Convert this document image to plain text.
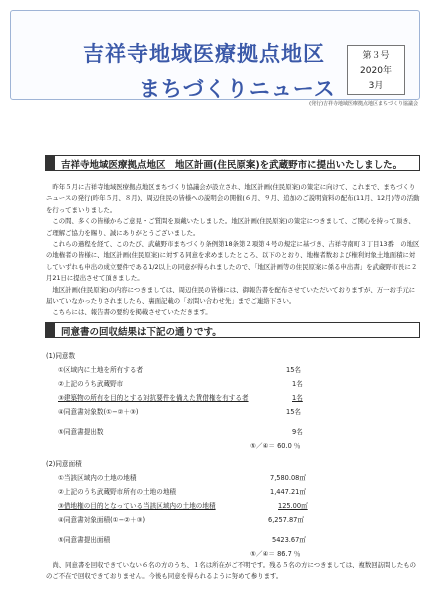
吉祥寺地域医療拠点地区
まちづくりニュース
第３号
2020年
3月
(発行)吉祥寺地域医療拠点地区まちづくり協議会
吉祥寺地域医療拠点地区　地区計画(住民原案)を武蔵野市に提出いたしました。

昨年５月に吉祥寺地域医療拠点地区まちづくり協議会が設立され、地区計画(住民原案)の策定に向けて、これまで、まちづくりニュースの発行(昨年５月、８月)、周辺住民の皆様への説明会の開催(６月、９月、追加のご説明資料の配布(11月、12月)等の活動を行ってまいりました。

この間、多くの皆様からご意見・ご質問を頂戴いたしました。地区計画(住民原案)の策定につきまして、ご関心を持って頂き、ご理解ご協力を賜り、誠にありがとうございました。

これらの過程を経て、このたび、武蔵野市まちづくり条例第18条第２項第４号の規定に基づき、吉祥寺南町３丁目13番　の地区の地権者の皆様に、地区計画(住民原案)に対する同意を求めましたところ、以下のとおり、地権者数および権利対象土地面積に対していずれも申出の成立要件である1/2以上の同意が得られましたので、「地区計画等の住民原案に係る申出書」を武蔵野市長に２月21日に提出させて頂きました。

地区計画(住民原案)の内容につきましては、周辺住民の皆様には、御報告書を配布させていただいておりますが、万一お手元に届いていなかったりされましたら、裏面記載の「お問い合わせ先」までご連絡下さい。

こちらには、報告書の要約を掲載させていただきます。

同意書の回収結果は下記の通りです。
(1)同意数
①区域内に土地を所有する者	15名
②上記のうち武蔵野市	1名
③建築物の所有を目的とする対抗要件を備えた賃借権を有する者	1名
④同意書対象数(①−②＋③)	15名
⑤同意書提出数	9名
⑤／④＝ 60.0 ％
(2)同意面積
①当該区域内の土地の地積	7,580.08㎡
②上記のうち武蔵野市所有の土地の地積	1,447.21㎡
③借地権の目的となっている当該区域内の土地の地積	125.00㎡
④同意書対象面積(①−②＋③)	6,257.87㎡
⑤同意書提出面積	5423.67㎡
⑤／④＝ 86.7 ％

尚、同意書を回収できていない６名の方のうち、１名は所在がご不明です。残る５名の方につきましては、複数回訪問したもののご不在で回収できておりません。今後も同意を得られるように努めて参ります。
